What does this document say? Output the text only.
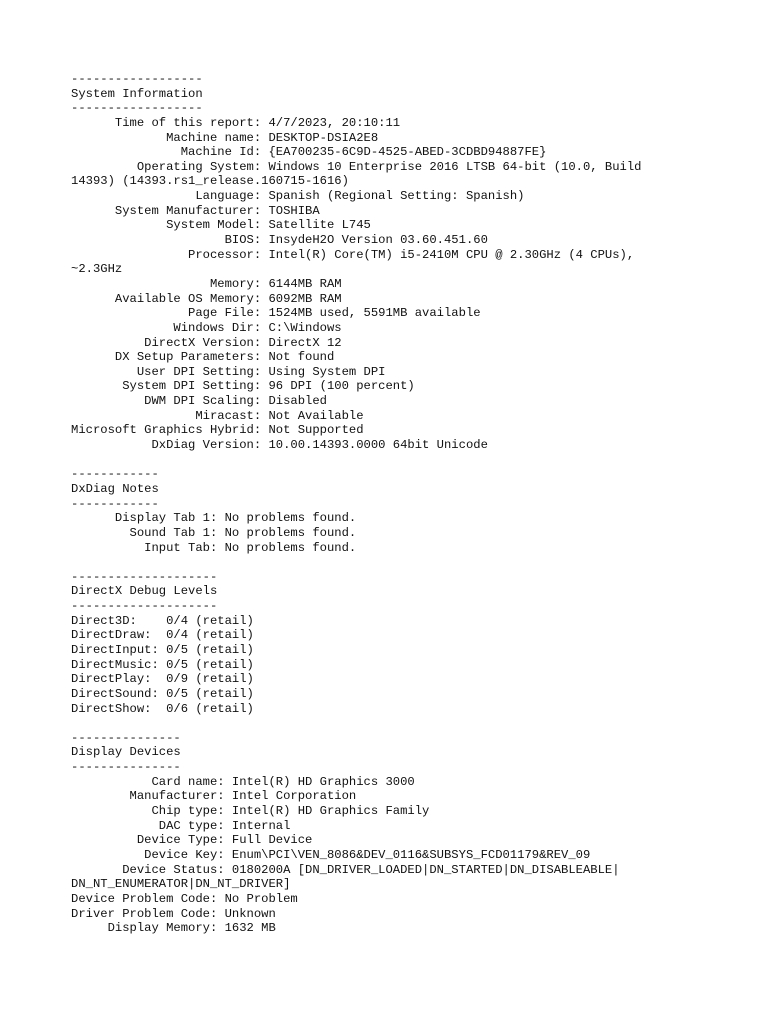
------------------
System Information
------------------
Time of this report: 4/7/2023, 20:10:11
Machine name: DESKTOP-DSIA2E8
Machine Id: {EA700235-6C9D-4525-ABED-3CDBD94887FE}
Operating System: Windows 10 Enterprise 2016 LTSB 64-bit (10.0, Build
14393) (14393.rs1_release.160715-1616)
Language: Spanish (Regional Setting: Spanish)
System Manufacturer: TOSHIBA
System Model: Satellite L745
BIOS: InsydeH2O Version 03.60.451.60
Processor: Intel(R) Core(TM) i5-2410M CPU @ 2.30GHz (4 CPUs),
~2.3GHz
Memory: 6144MB RAM
Available OS Memory: 6092MB RAM
Page File: 1524MB used, 5591MB available
Windows Dir: C:\Windows
DirectX Version: DirectX 12
DX Setup Parameters: Not found
User DPI Setting: Using System DPI
System DPI Setting: 96 DPI (100 percent)
DWM DPI Scaling: Disabled
Miracast: Not Available
Microsoft Graphics Hybrid: Not Supported
DxDiag Version: 10.00.14393.0000 64bit Unicode
------------
DxDiag Notes
------------
Display Tab 1: No problems found.
Sound Tab 1: No problems found.
Input Tab: No problems found.
--------------------
DirectX Debug Levels
--------------------
Direct3D:    0/4 (retail)
DirectDraw:  0/4 (retail)
DirectInput: 0/5 (retail)
DirectMusic: 0/5 (retail)
DirectPlay:  0/9 (retail)
DirectSound: 0/5 (retail)
DirectShow:  0/6 (retail)
---------------
Display Devices
---------------
Card name: Intel(R) HD Graphics 3000
Manufacturer: Intel Corporation
Chip type: Intel(R) HD Graphics Family
DAC type: Internal
Device Type: Full Device
Device Key: Enum\PCI\VEN_8086&DEV_0116&SUBSYS_FCD01179&REV_09
Device Status: 0180200A [DN_DRIVER_LOADED|DN_STARTED|DN_DISABLEABLE|
DN_NT_ENUMERATOR|DN_NT_DRIVER]
Device Problem Code: No Problem
Driver Problem Code: Unknown
Display Memory: 1632 MB
